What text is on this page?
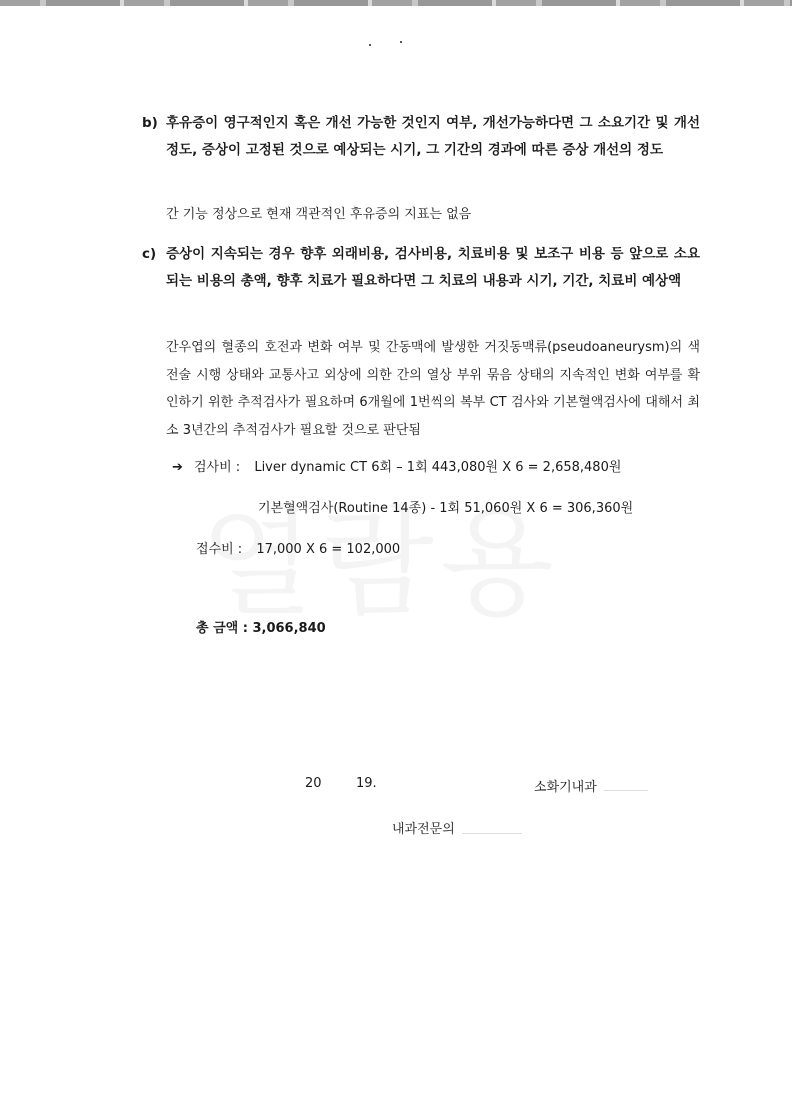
b) 후유증이 영구적인지 혹은 개선 가능한 것인지 여부, 개선가능하다면 그 소요기간 및 개선 정도, 증상이 고정된 것으로 예상되는 시기, 그 기간의 경과에 따른 증상 개선의 정도
간 기능 정상으로 현재 객관적인 후유증의 지표는 없음
c) 증상이 지속되는 경우 향후 외래비용, 검사비용, 치료비용 및 보조구 비용 등 앞으로 소요되는 비용의 총액, 향후 치료가 필요하다면 그 치료의 내용과 시기, 기간, 치료비 예상액
간우엽의 혈종의 호전과 변화 여부 및 간동맥에 발생한 거짓동맥류(pseudoaneurysm)의 색전술 시행 상태와 교통사고 외상에 의한 간의 열상 부위 묶음 상태의 지속적인 변화 여부를 확인하기 위한 추적검사가 필요하며 6개월에 1번씩의 복부 CT 검사와 기본혈액검사에 대해서 최소 3년간의 추적검사가 필요할 것으로 판단됨
➔ 검사비 : Liver dynamic CT 6회 – 1회 443,080원 X 6 = 2,658,480원
기본혈액검사(Routine 14종) - 1회 51,060원 X 6 = 306,360원
접수비 : 17,000 X 6 = 102,000
총 금액 : 3,066,840
20	19.	소화기내과
내과전문의
